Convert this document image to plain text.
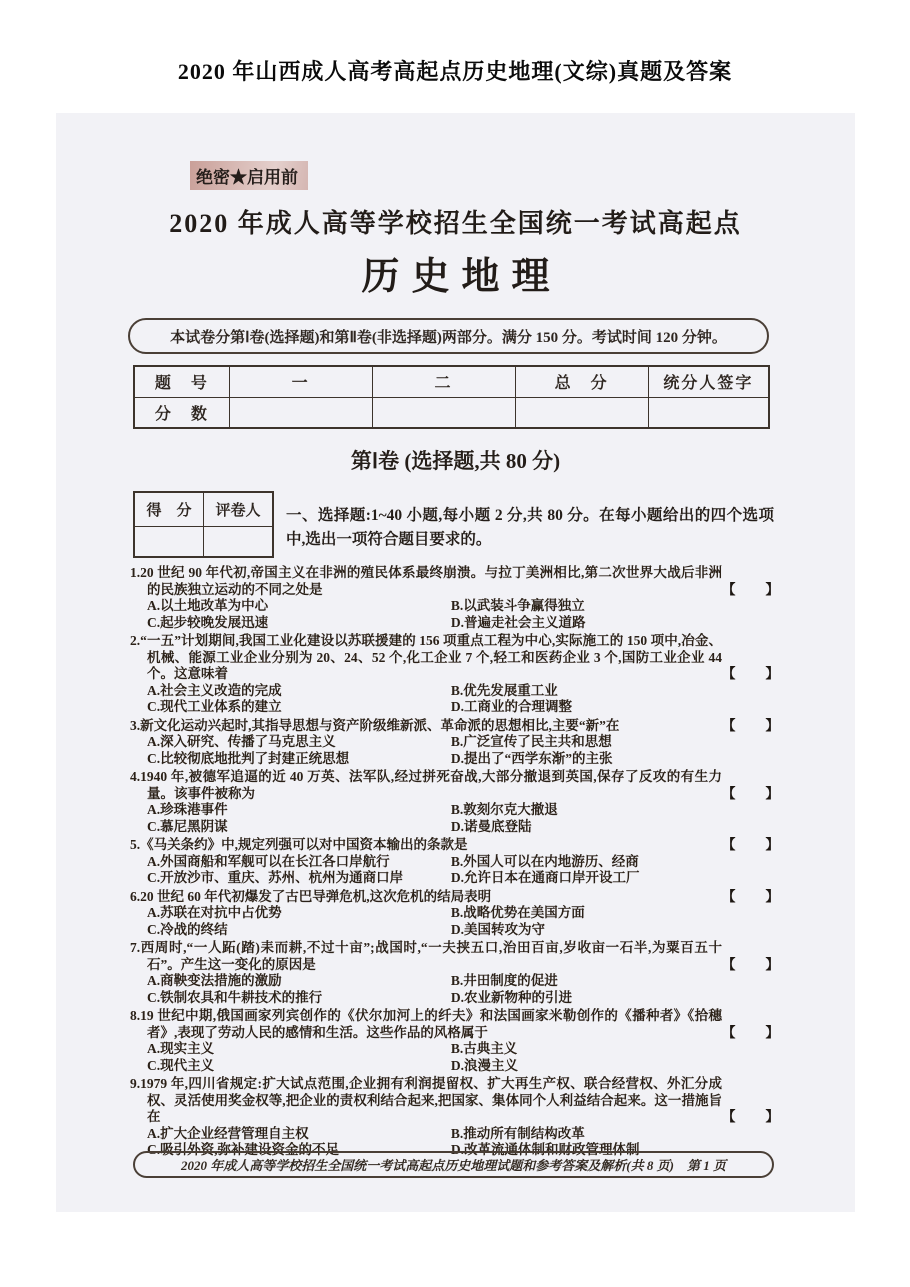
2020 年山西成人高考高起点历史地理(文综)真题及答案
绝密★启用前
2020 年成人高等学校招生全国统一考试高起点
历史地理
本试卷分第Ⅰ卷(选择题)和第Ⅱ卷(非选择题)两部分。满分 150 分。考试时间 120 分钟。
题　号	一	二	总　分	统分人签字
分　数				
第Ⅰ卷 (选择题,共 80 分)
得　分	评卷人
	一、选择题:1~40 小题,每小题 2 分,共 80 分。在每小题给出的四个选项中,选出一项符合题目要求的。
1.20 世纪 90 年代初,帝国主义在非洲的殖民体系最终崩溃。与拉丁美洲相比,第二次世界大战后非洲的民族独立运动的不同之处是	【　　】
A.以土地改革为中心	B.以武装斗争赢得独立
C.起步较晚发展迅速	D.普遍走社会主义道路
2.“一五”计划期间,我国工业化建设以苏联援建的 156 项重点工程为中心,实际施工的 150 项中,冶金、机械、能源工业企业分别为 20、24、52 个,化工企业 7 个,轻工和医药企业 3 个,国防工业企业 44 个。这意味着	【　　】
A.社会主义改造的完成	B.优先发展重工业
C.现代工业体系的建立	D.工商业的合理调整
3.新文化运动兴起时,其指导思想与资产阶级维新派、革命派的思想相比,主要“新”在	【　　】
A.深入研究、传播了马克思主义	B.广泛宣传了民主共和思想
C.比较彻底地批判了封建正统思想	D.提出了“西学东渐”的主张
4.1940 年,被德军追逼的近 40 万英、法军队,经过拼死奋战,大部分撤退到英国,保存了反攻的有生力量。该事件被称为	【　　】
A.珍珠港事件	B.敦刻尔克大撤退
C.慕尼黑阴谋	D.诺曼底登陆
5.《马关条约》中,规定列强可以对中国资本输出的条款是	【　　】
A.外国商船和军舰可以在长江各口岸航行	B.外国人可以在内地游历、经商
C.开放沙市、重庆、苏州、杭州为通商口岸	D.允许日本在通商口岸开设工厂
6.20 世纪 60 年代初爆发了古巴导弹危机,这次危机的结局表明	【　　】
A.苏联在对抗中占优势	B.战略优势在美国方面
C.冷战的终结	D.美国转攻为守
7.西周时,“一人跖(踏)耒而耕,不过十亩”;战国时,“一夫挟五口,治田百亩,岁收亩一石半,为粟百五十石”。产生这一变化的原因是	【　　】
A.商鞅变法措施的激励	B.井田制度的促进
C.铁制农具和牛耕技术的推行	D.农业新物种的引进
8.19 世纪中期,俄国画家列宾创作的《伏尔加河上的纤夫》和法国画家米勒创作的《播种者》《拾穗者》,表现了劳动人民的感情和生活。这些作品的风格属于	【　　】
A.现实主义	B.古典主义
C.现代主义	D.浪漫主义
9.1979 年,四川省规定:扩大试点范围,企业拥有利润提留权、扩大再生产权、联合经营权、外汇分成权、灵活使用奖金权等,把企业的责权利结合起来,把国家、集体同个人利益结合起来。这一措施旨在	【　　】
A.扩大企业经营管理自主权	B.推动所有制结构改革
C.吸引外资,弥补建设资金的不足	D.改革流通体制和财政管理体制
2020 年成人高等学校招生全国统一考试高起点历史地理试题和参考答案及解析(共 8 页)　第 1 页
